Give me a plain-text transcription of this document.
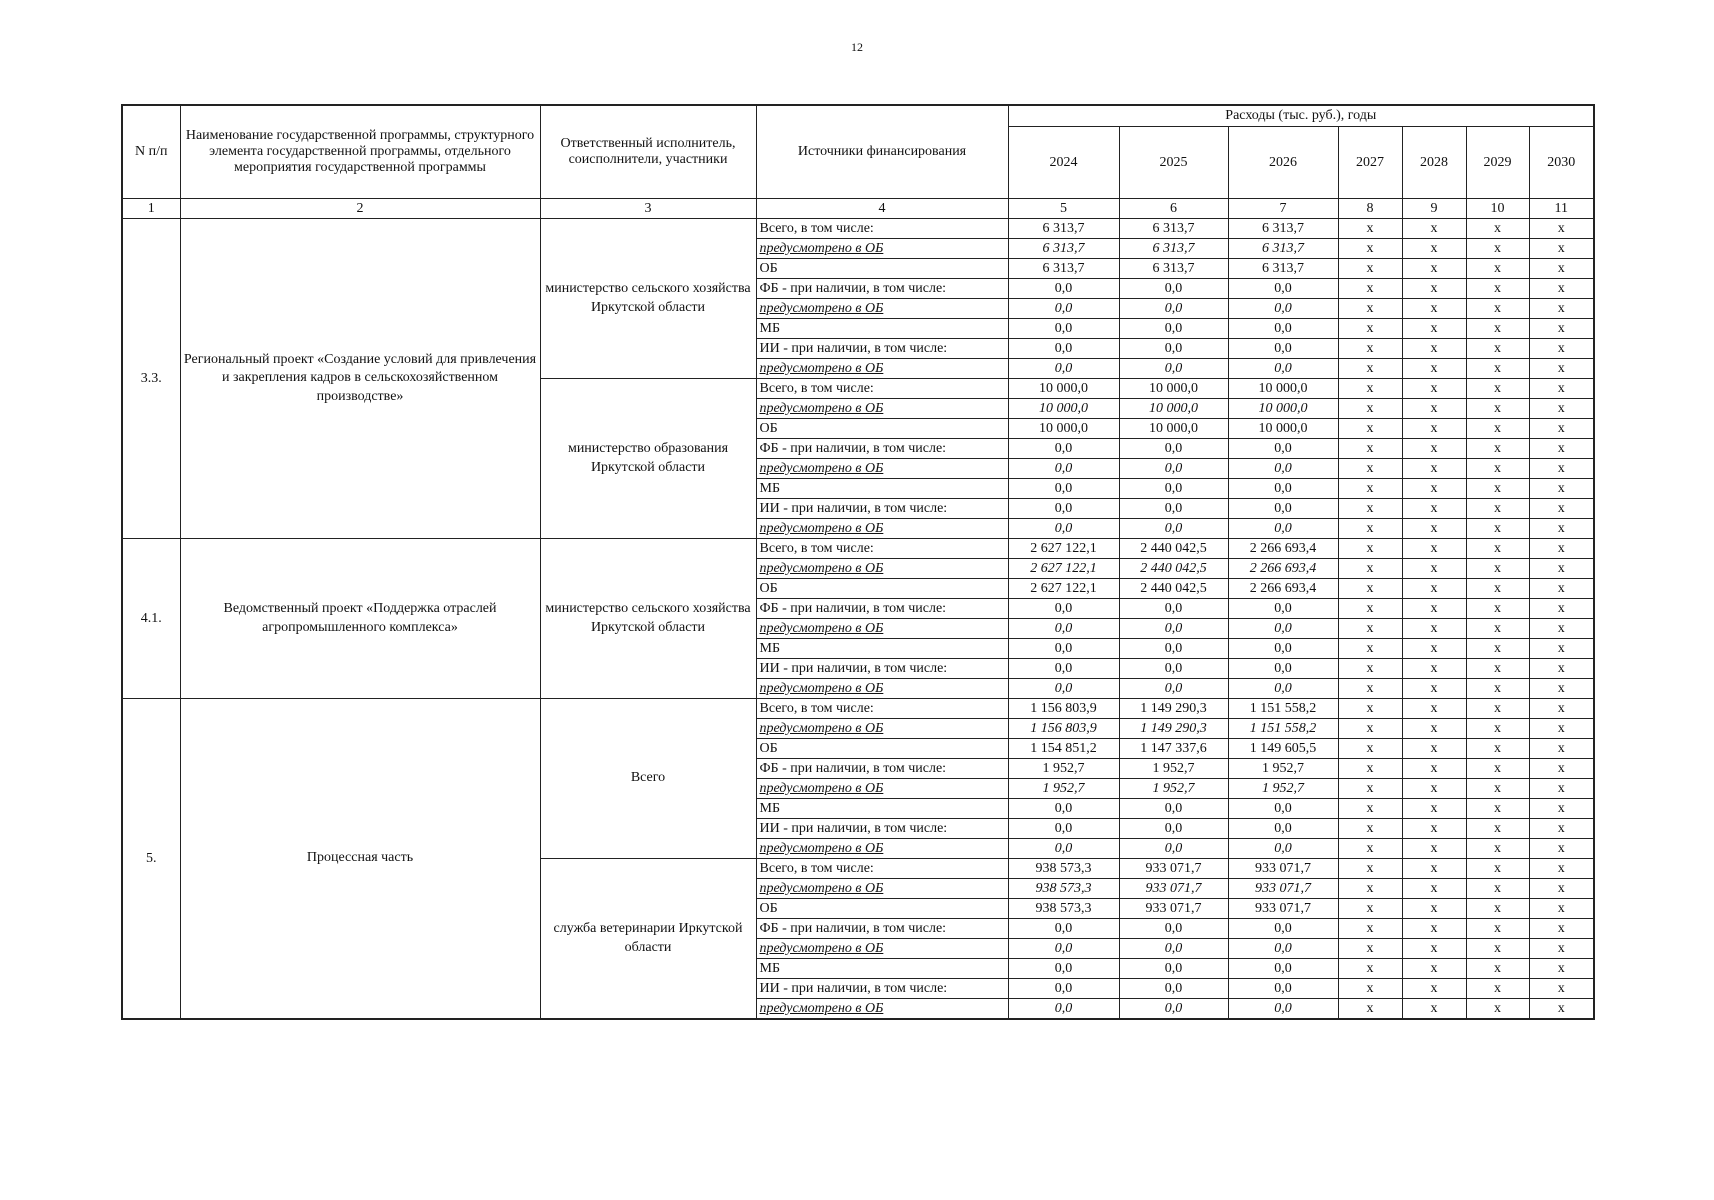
12
N п/п	Наименование государственной программы, структурного элемента государственной программы, отдельного мероприятия государственной программы	Ответственный исполнитель, соисполнители, участники	Источники финансирования	Расходы (тыс. руб.), годы						
				2024	2025	2026	2027	2028	2029	2030
1	2	3	4	5	6	7	8	9	10	11
3.3.	Региональный проект «Создание условий для привлечения и закрепления кадров в сельскохозяйственном производстве»	министерство сельского хозяйства Иркутской области	Всего, в том числе:	6 313,7	6 313,7	6 313,7	х	х	х	х
			предусмотрено в ОБ	6 313,7	6 313,7	6 313,7	х	х	х	х
			ОБ	6 313,7	6 313,7	6 313,7	х	х	х	х
			ФБ - при наличии, в том числе:	0,0	0,0	0,0	х	х	х	х
			предусмотрено в ОБ	0,0	0,0	0,0	х	х	х	х
			МБ	0,0	0,0	0,0	х	х	х	х
			ИИ - при наличии, в том числе:	0,0	0,0	0,0	х	х	х	х
			предусмотрено в ОБ	0,0	0,0	0,0	х	х	х	х
		министерство образования Иркутской области	Всего, в том числе:	10 000,0	10 000,0	10 000,0	х	х	х	х
			предусмотрено в ОБ	10 000,0	10 000,0	10 000,0	х	х	х	х
			ОБ	10 000,0	10 000,0	10 000,0	х	х	х	х
			ФБ - при наличии, в том числе:	0,0	0,0	0,0	х	х	х	х
			предусмотрено в ОБ	0,0	0,0	0,0	х	х	х	х
			МБ	0,0	0,0	0,0	х	х	х	х
			ИИ - при наличии, в том числе:	0,0	0,0	0,0	х	х	х	х
			предусмотрено в ОБ	0,0	0,0	0,0	х	х	х	х
4.1.	Ведомственный проект «Поддержка отраслей агропромышленного комплекса»	министерство сельского хозяйства Иркутской области	Всего, в том числе:	2 627 122,1	2 440 042,5	2 266 693,4	х	х	х	х
			предусмотрено в ОБ	2 627 122,1	2 440 042,5	2 266 693,4	х	х	х	х
			ОБ	2 627 122,1	2 440 042,5	2 266 693,4	х	х	х	х
			ФБ - при наличии, в том числе:	0,0	0,0	0,0	х	х	х	х
			предусмотрено в ОБ	0,0	0,0	0,0	х	х	х	х
			МБ	0,0	0,0	0,0	х	х	х	х
			ИИ - при наличии, в том числе:	0,0	0,0	0,0	х	х	х	х
			предусмотрено в ОБ	0,0	0,0	0,0	х	х	х	х
5.	Процессная часть	Всего	Всего, в том числе:	1 156 803,9	1 149 290,3	1 151 558,2	х	х	х	х
			предусмотрено в ОБ	1 156 803,9	1 149 290,3	1 151 558,2	х	х	х	х
			ОБ	1 154 851,2	1 147 337,6	1 149 605,5	х	х	х	х
			ФБ - при наличии, в том числе:	1 952,7	1 952,7	1 952,7	х	х	х	х
			предусмотрено в ОБ	1 952,7	1 952,7	1 952,7	х	х	х	х
			МБ	0,0	0,0	0,0	х	х	х	х
			ИИ - при наличии, в том числе:	0,0	0,0	0,0	х	х	х	х
			предусмотрено в ОБ	0,0	0,0	0,0	х	х	х	х
		служба ветеринарии Иркутской области	Всего, в том числе:	938 573,3	933 071,7	933 071,7	х	х	х	х
			предусмотрено в ОБ	938 573,3	933 071,7	933 071,7	х	х	х	х
			ОБ	938 573,3	933 071,7	933 071,7	х	х	х	х
			ФБ - при наличии, в том числе:	0,0	0,0	0,0	х	х	х	х
			предусмотрено в ОБ	0,0	0,0	0,0	х	х	х	х
			МБ	0,0	0,0	0,0	х	х	х	х
			ИИ - при наличии, в том числе:	0,0	0,0	0,0	х	х	х	х
			предусмотрено в ОБ	0,0	0,0	0,0	х	х	х	х
